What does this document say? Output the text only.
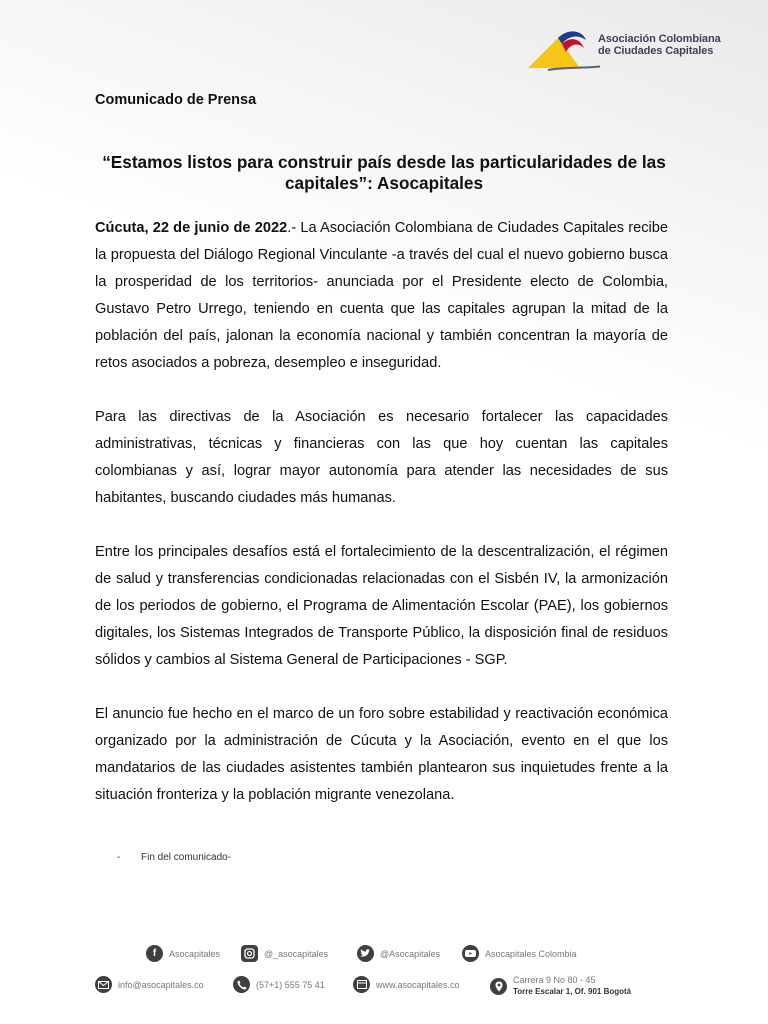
Asociación Colombiana
de Ciudades Capitales
Comunicado de Prensa
“Estamos listos para construir país desde las particularidades de las capitales”: Asocapitales

Cúcuta, 22 de junio de 2022.- La Asociación Colombiana de Ciudades Capitales recibe la propuesta del Diálogo Regional Vinculante -a través del cual el nuevo gobierno busca la prosperidad de los territorios- anunciada por el Presidente electo de Colombia, Gustavo Petro Urrego, teniendo en cuenta que las capitales agrupan la mitad de la población del país, jalonan la economía nacional y también concentran la mayoría de retos asociados a pobreza, desempleo e inseguridad.

Para las directivas de la Asociación es necesario fortalecer las capacidades administrativas, técnicas y financieras con las que hoy cuentan las capitales colombianas y así, lograr mayor autonomía para atender las necesidades de sus habitantes, buscando ciudades más humanas.

Entre los principales desafíos está el fortalecimiento de la descentralización, el régimen de salud y transferencias condicionadas relacionadas con el Sisbén IV, la armonización de los periodos de gobierno, el Programa de Alimentación Escolar (PAE), los gobiernos digitales, los Sistemas Integrados de Transporte Público, la disposición final de residuos sólidos y cambios al Sistema General de Participaciones - SGP.

El anuncio fue hecho en el marco de un foro sobre estabilidad y reactivación económica organizado por la administración de Cúcuta y la Asociación, evento en el que los mandatarios de las ciudades asistentes también plantearon sus inquietudes frente a la situación fronteriza y la población migrante venezolana.

- Fin del comunicado-
f	Asocapitales	@_asocapitales	@Asocapitales	Asocapitales Colombia
info@asocapitales.co	(57+1) 555 75 41	www.asocapitales.co	Carrera 9 No 80 - 45
Torre Escalar 1, Of. 901 Bogotá
